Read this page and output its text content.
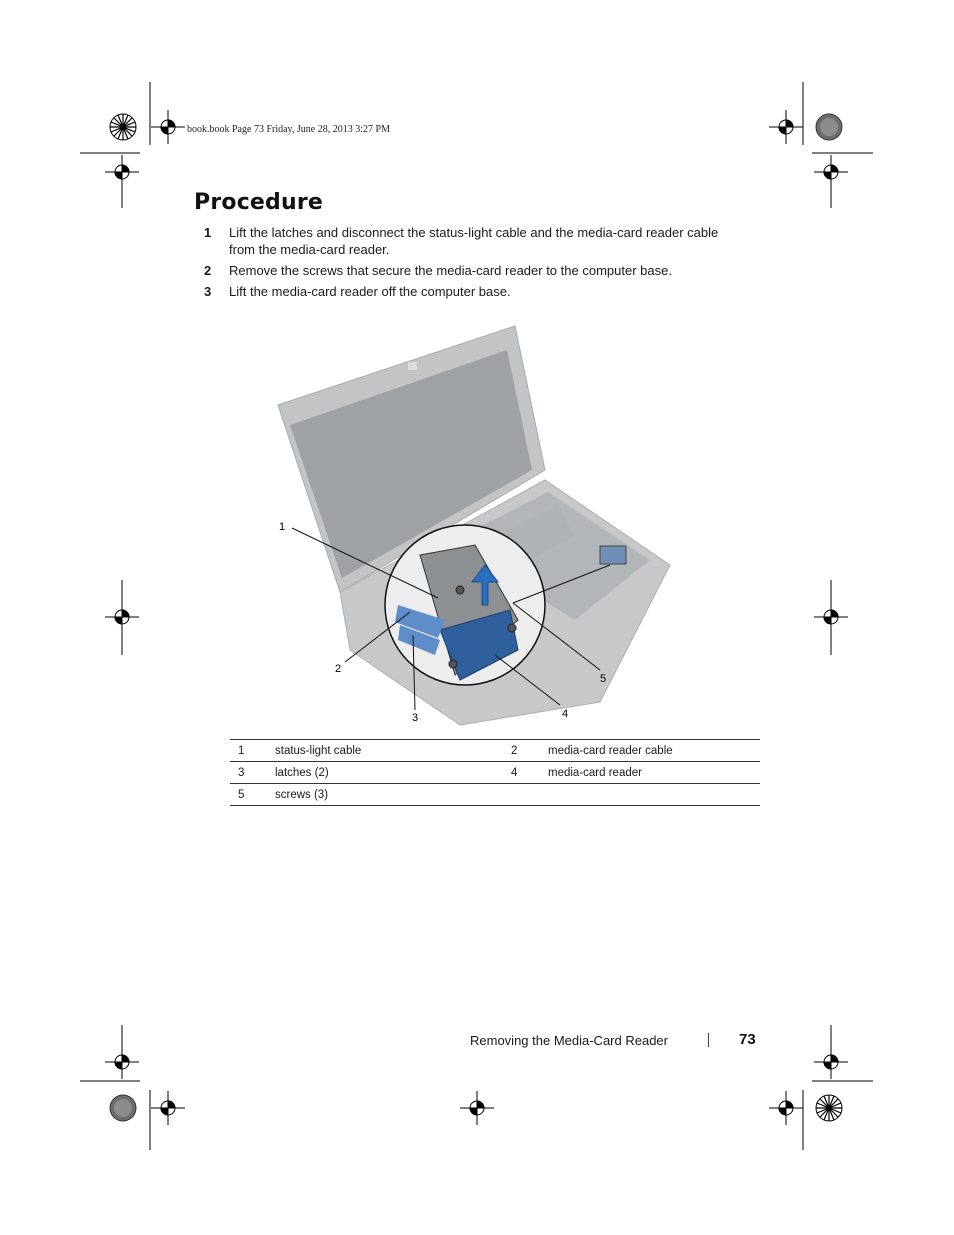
book.book Page 73 Friday, June 28, 2013 3:27 PM
Procedure
1 Lift the latches and disconnect the status-light cable and the media-card reader cable from the media-card reader.
2 Remove the screws that secure the media-card reader to the computer base.
3 Lift the media-card reader off the computer base.
1
2
3	4
5
1	status-light cable	2	media-card reader cable
3	latches (2)	4	media-card reader
5	screws (3)		
Removing the Media-Card Reader	73
